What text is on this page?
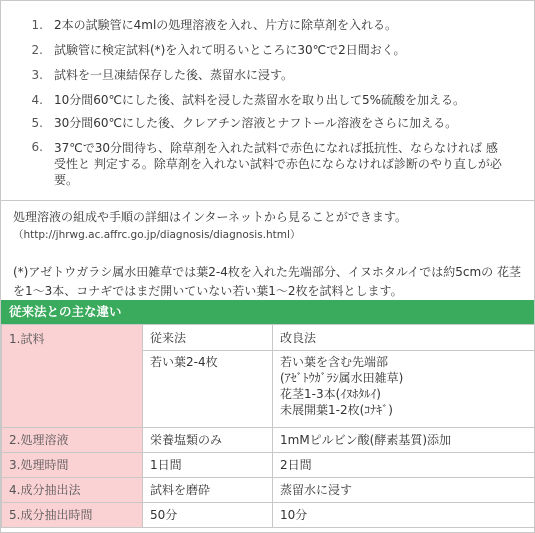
1. 2本の試験管に4mlの処理溶液を入れ、片方に除草剤を入れる。
2. 試験管に検定試料(*)を入れて明るいところに30℃で2日間おく。
3. 試料を一旦凍結保存した後、蒸留水に浸す。
4. 10分間60℃にした後、試料を浸した蒸留水を取り出して5%硫酸を加える。
5. 30分間60℃にした後、クレアチン溶液とナフトール溶液をさらに加える。
6. 37℃で30分間待ち、除草剤を入れた試料で赤色になれば抵抗性、ならなければ 感受性と 判定する。除草剤を入れない試料で赤色にならなければ診断のやり直しが必要。
処理溶液の組成や手順の詳細はインターネットから見ることができます。
（http://jhrwg.ac.affrc.go.jp/diagnosis/diagnosis.html）
(*)アゼトウガラシ属水田雑草では葉2-4枚を入れた先端部分、イヌホタルイでは約5cmの 花茎を1～3本、コナギではまだ開いていない若い葉1～2枚を試料とします。
従来法との主な違い
1.試料	従来法	改良法
	若い葉2-4枚	若い葉を含む先端部
(ｱｾﾞﾄｳｶﾞﾗｼ属水田雑草)
花茎1-3本(ｲﾇﾎﾀﾙｲ)
未展開葉1-2枚(ｺﾅｷﾞ)

2.処理溶液	栄養塩類のみ	1mMピルビン酸(酵素基質)添加
3.処理時間	1日間	2日間
4.成分抽出法	試料を磨砕	蒸留水に浸す
5.成分抽出時間	50分	10分
